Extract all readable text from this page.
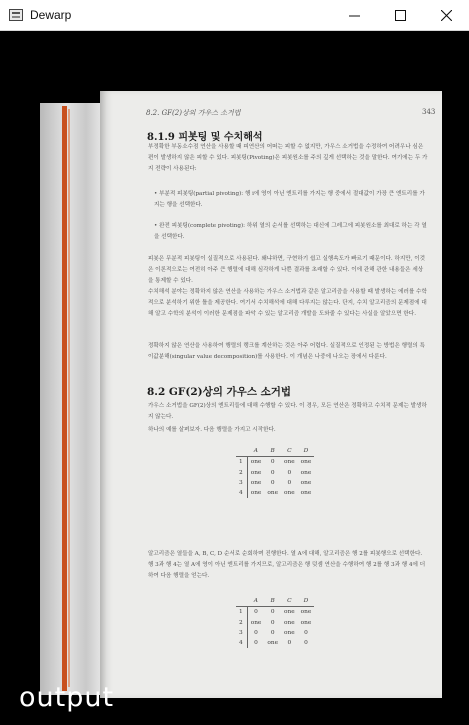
Dewarp
8.2. GF(2)상의 가우스 소거법	343
8.1.9 피봇팅 및 수치해석
부정확한 부동소수점 연산을 사용할 때 피연산의 어떠는 피할 수 없지만, 가우스 소거법을 수정하여 어려우나 심은 편이 발생하지 않은 피할 수 있다. 피봇팅(Pivoting)은 피봇원소를 주의 깊게 선택하는 것을 말한다. 여기에는 두 가지 전략이 사용된다:
• 부분적 피봇팅(partial pivoting): 행 i에 영이 아닌 엔트리를 가지는 행 중에서 절대값이 가장 큰 엔트리를 가지는 행을 선택한다.
• 완전 피봇팅(complete pivoting): 하위 열의 순서를 선택하는 대신에 그레그에 피봇원소를 최대로 하는 각 열을 선택한다.
피봇은 무분적 피봇팅이 실질적으로 사용된다. 왜냐하면, 구현하기 쉽고 실행속도가 빠르기 때문이다. 하지만, 이것은 이론적으로는 여전히 아주 큰 행렬에 대해 심각하게 나쁜 결과를 초래할 수 있다. 이에 관해 관한 내용들은 세상을 통제할 수 있다.
수치해석 분야는 정확하지 않은 연산을 사용하는 가우스 소거법과 같은 알고리즘을 사용할 때 발생하는 에러를 수학적으로 분석하기 위한 틀을 제공한다. 여기서 수치해석에 대해 다루지는 않는다. 단지, 수치 알고리즘의 문제점에 대해 알고 수학의 분석이 이러한 문제점을 파악 수 있는 알고리즘 개발을 도와줄 수 있다는 사실을 알았으면 한다.
정확하지 않은 연산을 사용하여 행렬의 랭크를 계산하는 것은 아주 어렵다. 실질적으로 인정된 는 방법은 행렬의 특이값분해(singular value decomposition)를 사용한다. 이 개념은 나중에 나오는 장에서 다룬다.
8.2 GF(2)상의 가우스 소거법
가우스 소거법을 GF(2)상의 엔트리들에 대해 수행할 수 있다. 이 경우, 모든 연산은 정확하고 수치적 문제는 발생하지 않는다.
하나의 예를 살펴보자. 다음 행렬을 가지고 시작한다.
	A	B	C	D
1	one	0	one	one
2	one	0	0	one
3	one	0	0	one
4	one	one	one	one
알고리즘은 열들을 A, B, C, D 순서로 순회하며 진행한다. 열 A에 대해, 알고리즘은 행 2를 피봇행으로 선택한다. 행 3과 행 4는 열 A에 영이 아닌 엔트리를 가지므로, 알고리즘은 행 덧셈 연산을 수행하여 행 2를 행 3과 행 4에 더하여 다음 행렬을 얻는다.
	A	B	C	D
1	0	0	one	one
2	one	0	one	one
3	0	0	one	0
4	0	one	0	0
output
